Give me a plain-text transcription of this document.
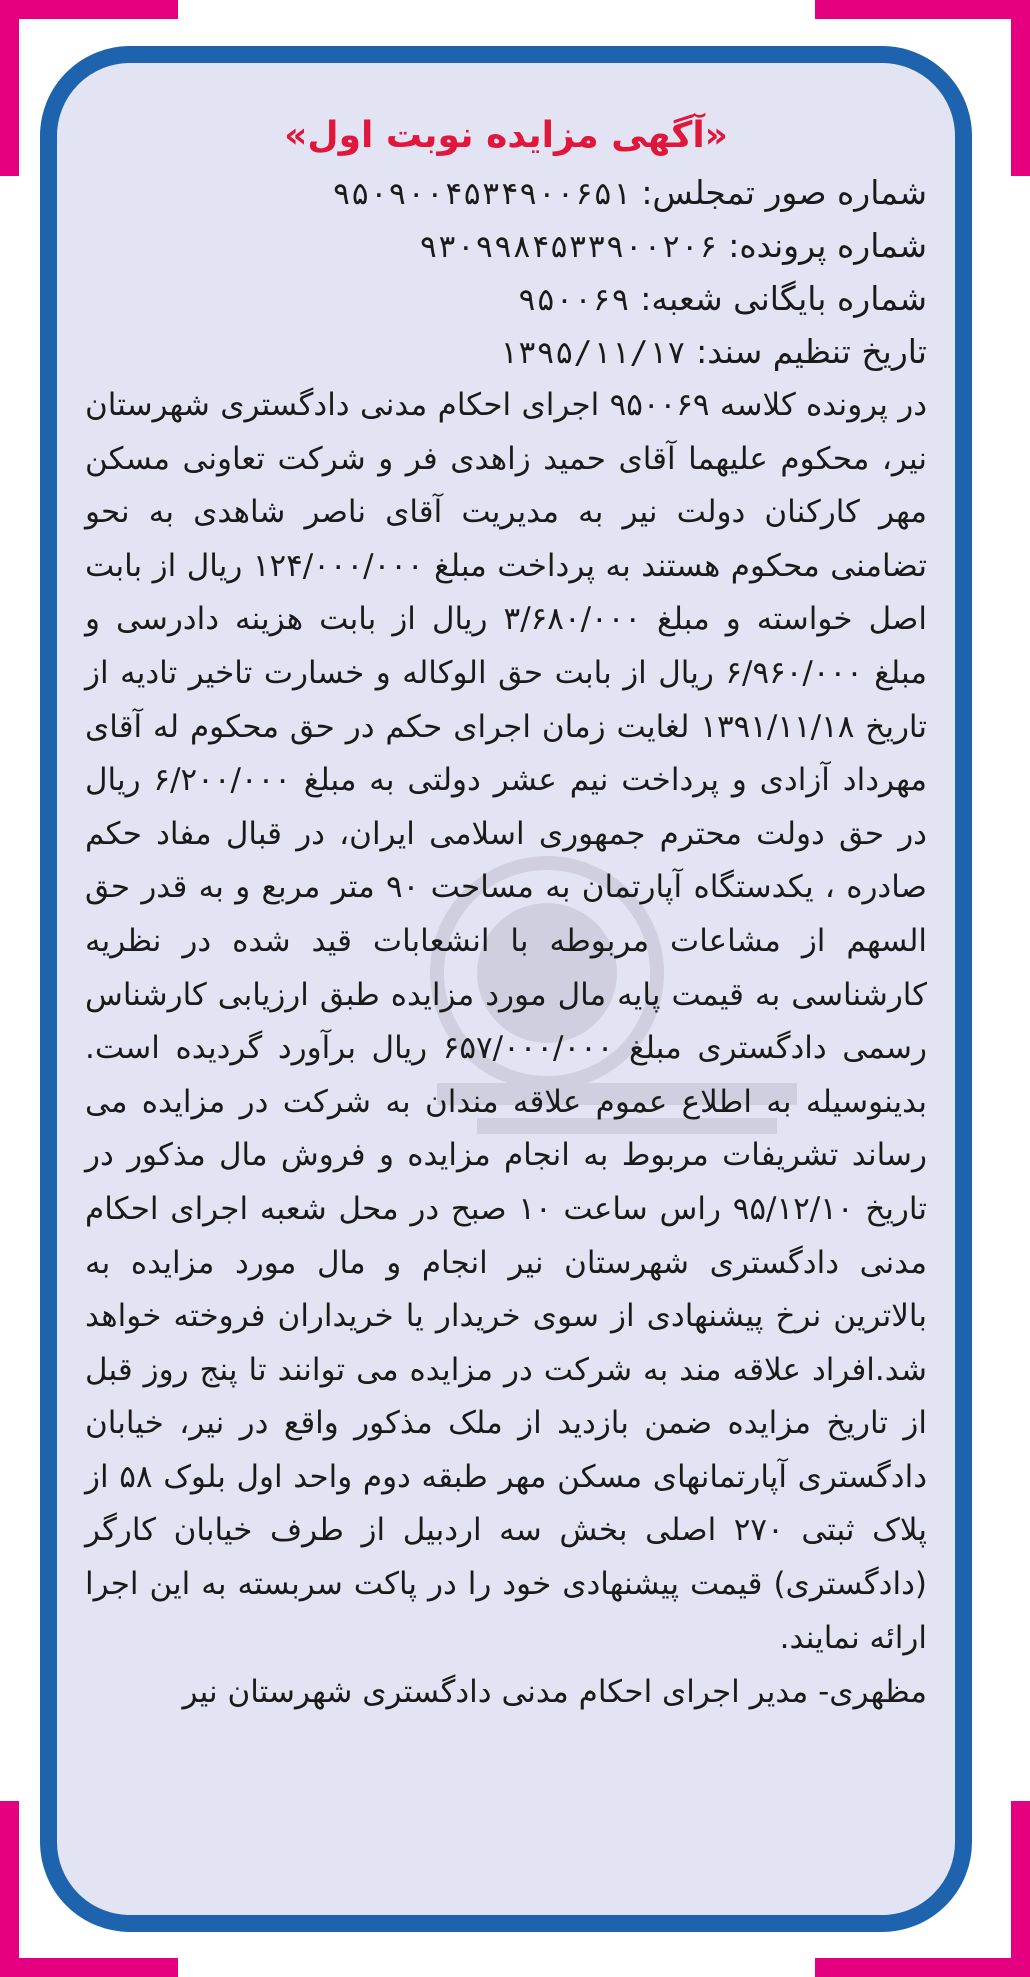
«آگهی مزایده نوبت اول»

شماره صور تمجلس: ۹۵۰۹۰۰۴۵۳۴۹۰۰۶۵۱

شماره پرونده: ۹۳۰۹۹۸۴۵۳۳۹۰۰۲۰۶

شماره بایگانی شعبه: ۹۵۰۰۶۹

تاریخ تنظیم سند: ۱۳۹۵/۱۱/۱۷

در پرونده کلاسه ۹۵۰۰۶۹ اجرای احکام مدنی دادگستری شهرستان نیر، محکوم علیهما آقای حمید زاهدی فر و شرکت تعاونی مسکن مهر کارکنان دولت نیر به مدیریت آقای ناصر شاهدی به نحو تضامنی محکوم هستند به پرداخت مبلغ ۱۲۴/۰۰۰/۰۰۰ ریال از بابت اصل خواسته و مبلغ ۳/۶۸۰/۰۰۰ ریال از بابت هزینه دادرسی و مبلغ ۶/۹۶۰/۰۰۰ ریال از بابت حق الوکاله و خسارت تاخیر تادیه از تاریخ ۱۳۹۱/۱۱/۱۸ لغایت زمان اجرای حکم در حق محکوم له آقای مهرداد آزادی و پرداخت نیم عشر دولتی به مبلغ ۶/۲۰۰/۰۰۰ ریال در حق دولت محترم جمهوری اسلامی ایران، در قبال مفاد حکم صادره ، یکدستگاه آپارتمان به مساحت ۹۰ متر مربع و به قدر حق السهم از مشاعات مربوطه با انشعابات قید شده در نظریه کارشناسی به قیمت پایه مال مورد مزایده طبق ارزیابی کارشناس رسمی دادگستری مبلغ ۶۵۷/۰۰۰/۰۰۰ ریال برآورد گردیده است. بدینوسیله به اطلاع عموم علاقه مندان به شرکت در مزایده می رساند تشریفات مربوط به انجام مزایده و فروش مال مذکور در تاریخ ۹۵/۱۲/۱۰ راس ساعت ۱۰ صبح در محل شعبه اجرای احکام مدنی دادگستری شهرستان نیر انجام و مال مورد مزایده به بالاترین نرخ پیشنهادی از سوی خریدار یا خریداران فروخته خواهد شد.افراد علاقه مند به شرکت در مزایده می توانند تا پنج روز قبل از تاریخ مزایده ضمن بازدید از ملک مذکور واقع در نیر، خیابان دادگستری آپارتمانهای مسکن مهر طبقه دوم واحد اول بلوک ۵۸ از پلاک ثبتی ۲۷۰ اصلی بخش سه اردبیل از طرف خیابان کارگر (دادگستری) قیمت پیشنهادی خود را در پاکت سربسته به این اجرا ارائه نمایند.

مظهری- مدیر اجرای احکام مدنی دادگستری شهرستان نیر
